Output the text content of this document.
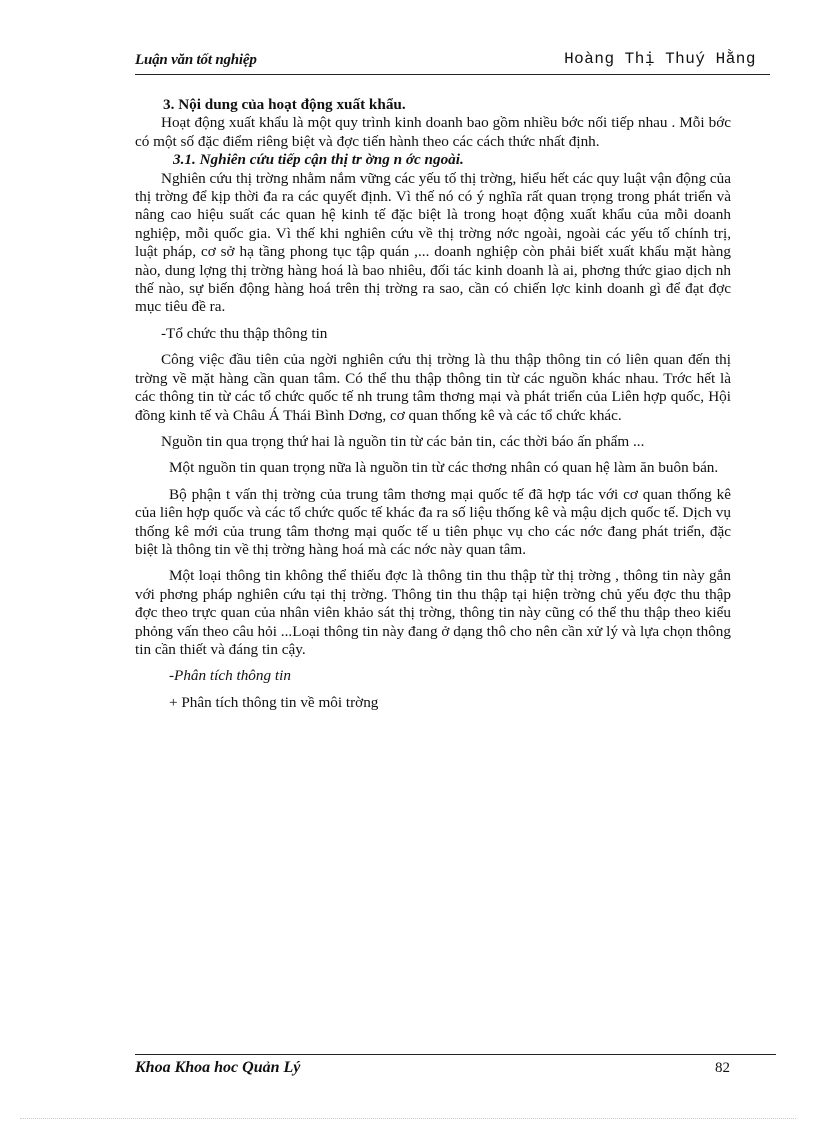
Luận văn tốt nghiệp	Hoàng Thị Thuý Hằng

3. Nội dung của hoạt động xuất khẩu.

Hoạt động xuất khẩu là một quy trình kinh doanh bao gồm nhiều bớc nối tiếp nhau . Mỗi bớc có một số đặc điểm riêng biệt và đợc tiến hành theo các cách thức nhất định.

3.1. Nghiên cứu tiếp cận thị tr ờng n ớc ngoài.

Nghiên cứu thị trờng nhằm nắm vững các yếu tố thị trờng, hiểu hết các quy luật vận động của thị trờng để kịp thời đa ra các quyết định. Vì thế nó có ý nghĩa rất quan trọng trong phát triển và nâng cao hiệu suất các quan hệ kinh tế đặc biệt là trong hoạt động xuất khẩu của mỗi doanh nghiệp, mỗi quốc gia. Vì thế khi nghiên cứu về thị trờng nớc ngoài, ngoài các yếu tố chính trị, luật pháp, cơ sở hạ tầng phong tục tập quán ,... doanh nghiệp còn phải biết xuất khẩu mặt hàng nào, dung lợng thị trờng hàng hoá là bao nhiêu, đối tác kinh doanh là ai, phơng thức giao dịch nh thế nào, sự biến động hàng hoá trên thị trờng ra sao, cần có chiến lợc kinh doanh gì để đạt đợc mục tiêu đề ra.

-Tổ chức thu thập thông tin

Công việc đầu tiên của ngời nghiên cứu thị trờng là thu thập thông tin có liên quan đến thị trờng về mặt hàng cần quan tâm. Có thể thu thập thông tin từ các nguồn khác nhau. Trớc hết là các thông tin từ các tổ chức quốc tế nh trung tâm thơng mại và phát triển của Liên hợp quốc, Hội đồng kinh tế và Châu Á Thái Bình Dơng, cơ quan thống kê và các tổ chức khác.

Nguồn tin qua trọng thứ hai là nguồn tin từ các bản tin, các thời báo ấn phẩm ...

Một nguồn tin quan trọng nữa là nguồn tin từ các thơng nhân có quan hệ làm ăn buôn bán.

Bộ phận t vấn thị trờng của trung tâm thơng mại quốc tế đã hợp tác với cơ quan thống kê của liên hợp quốc và các tổ chức quốc tế khác đa ra số liệu thống kê và mậu dịch quốc tế. Dịch vụ thống kê mới của trung tâm thơng mại quốc tế u tiên phục vụ cho các nớc đang phát triển, đặc biệt là thông tin về thị trờng hàng hoá mà các nớc này quan tâm.

Một loại thông tin không thể thiếu đợc là thông tin thu thập từ thị trờng , thông tin này gắn với phơng pháp nghiên cứu tại thị trờng. Thông tin thu thập tại hiện trờng chủ yếu đợc thu thập đợc theo trực quan của nhân viên khảo sát thị trờng, thông tin này cũng có thể thu thập theo kiểu phỏng vấn theo câu hỏi ...Loại thông tin này đang ở dạng thô cho nên cần xử lý và lựa chọn thông tin cần thiết và đáng tin cậy.

-Phân tích thông tin

+ Phân tích thông tin về môi trờng

Khoa Khoa hoc Quản Lý	82
